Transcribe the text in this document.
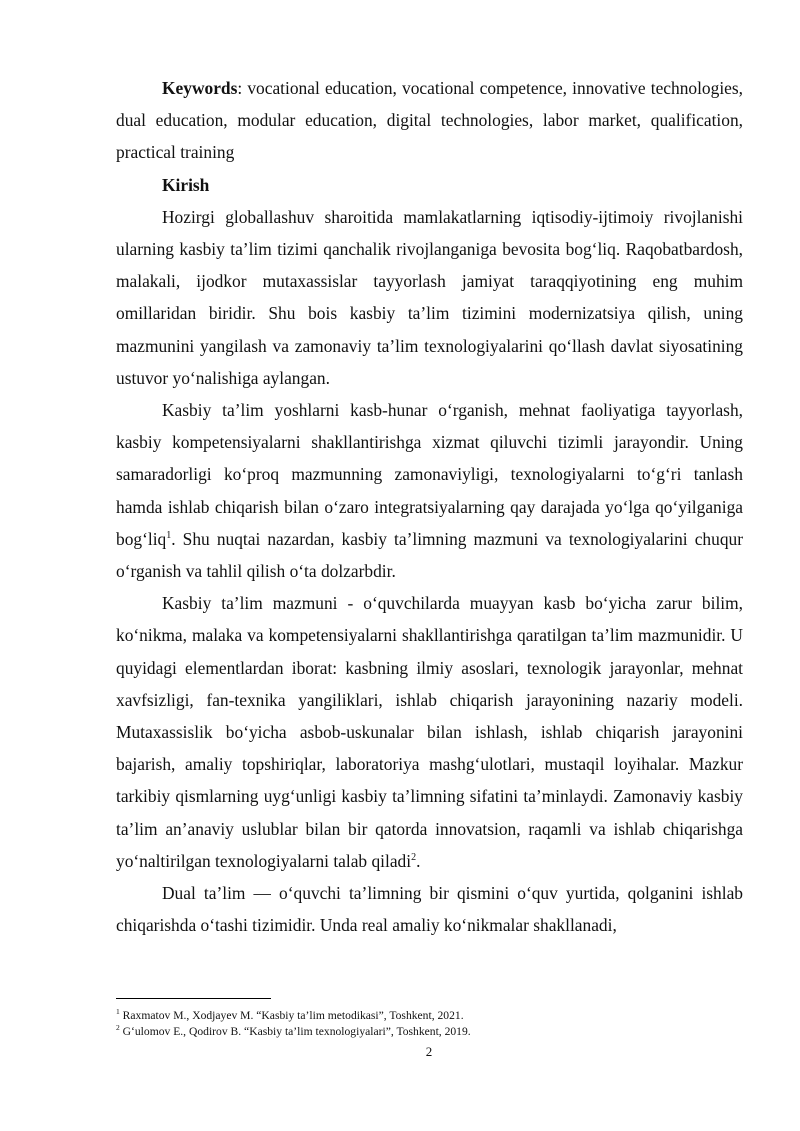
Keywords: vocational education, vocational competence, innovative technologies, dual education, modular education, digital technologies, labor market, qualification, practical training

Kirish

Hozirgi globallashuv sharoitida mamlakatlarning iqtisodiy-ijtimoiy rivojlanishi ularning kasbiy ta’lim tizimi qanchalik rivojlanganiga bevosita bog‘liq. Raqobatbardosh, malakali, ijodkor mutaxassislar tayyorlash jamiyat taraqqiyotining eng muhim omillaridan biridir. Shu bois kasbiy ta’lim tizimini modernizatsiya qilish, uning mazmunini yangilash va zamonaviy ta’lim texnologiyalarini qo‘llash davlat siyosatining ustuvor yo‘nalishiga aylangan.

Kasbiy ta’lim yoshlarni kasb-hunar o‘rganish, mehnat faoliyatiga tayyorlash, kasbiy kompetensiyalarni shakllantirishga xizmat qiluvchi tizimli jarayondir. Uning samaradorligi ko‘proq mazmunning zamonaviyligi, texnologiyalarni to‘g‘ri tanlash hamda ishlab chiqarish bilan o‘zaro integratsiyalarning qay darajada yo‘lga qo‘yilganiga bog‘liq$^1$. Shu nuqtai nazardan, kasbiy ta’limning mazmuni va texnologiyalarini chuqur o‘rganish va tahlil qilish o‘ta dolzarbdir.

Kasbiy ta’lim mazmuni - o‘quvchilarda muayyan kasb bo‘yicha zarur bilim, ko‘nikma, malaka va kompetensiyalarni shakllantirishga qaratilgan ta’lim mazmunidir. U quyidagi elementlardan iborat: kasbning ilmiy asoslari, texnologik jarayonlar, mehnat xavfsizligi, fan-texnika yangiliklari, ishlab chiqarish jarayonining nazariy modeli. Mutaxassislik bo‘yicha asbob-uskunalar bilan ishlash, ishlab chiqarish jarayonini bajarish, amaliy topshiriqlar, laboratoriya mashg‘ulotlari, mustaqil loyihalar. Mazkur tarkibiy qismlarning uyg‘unligi kasbiy ta’limning sifatini ta’minlaydi. Zamonaviy kasbiy ta’lim an’anaviy uslublar bilan bir qatorda innovatsion, raqamli va ishlab chiqarishga yo‘naltirilgan texnologiyalarni talab qiladi$^2$.

Dual ta’lim — o‘quvchi ta’limning bir qismini o‘quv yurtida, qolganini ishlab chiqarishda o‘tashi tizimidir. Unda real amaliy ko‘nikmalar shakllanadi,

$^1$ Raxmatov M., Xodjayev M. “Kasbiy ta’lim metodikasi”, Toshkent, 2021.
$^2$ G‘ulomov E., Qodirov B. “Kasbiy ta’lim texnologiyalari”, Toshkent, 2019.
2
